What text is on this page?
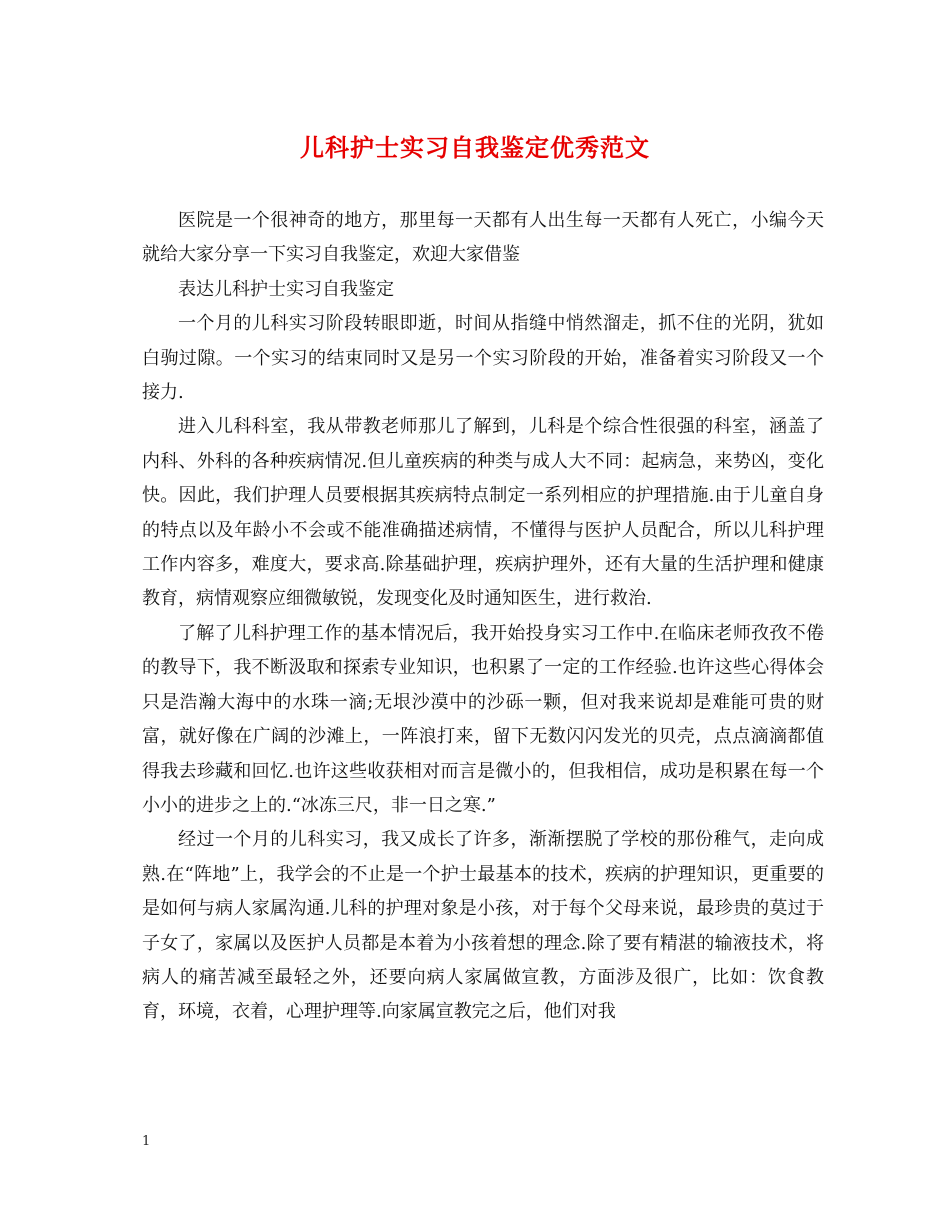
儿科护士实习自我鉴定优秀范文

医院是一个很神奇的地方，那里每一天都有人出生每一天都有人死亡，小编今天就给大家分享一下实习自我鉴定，欢迎大家借鉴

表达儿科护士实习自我鉴定

一个月的儿科实习阶段转眼即逝，时间从指缝中悄然溜走，抓不住的光阴，犹如白驹过隙。一个实习的结束同时又是另一个实习阶段的开始，准备着实习阶段又一个接力.

进入儿科科室，我从带教老师那儿了解到，儿科是个综合性很强的科室，涵盖了内科、外科的各种疾病情况.但儿童疾病的种类与成人大不同：起病急，来势凶，变化快。因此，我们护理人员要根据其疾病特点制定一系列相应的护理措施.由于儿童自身的特点以及年龄小不会或不能准确描述病情，不懂得与医护人员配合，所以儿科护理工作内容多，难度大，要求高.除基础护理，疾病护理外，还有大量的生活护理和健康教育，病情观察应细微敏锐，发现变化及时通知医生，进行救治.

了解了儿科护理工作的基本情况后，我开始投身实习工作中.在临床老师孜孜不倦的教导下，我不断汲取和探索专业知识，也积累了一定的工作经验.也许这些心得体会只是浩瀚大海中的水珠一滴;无垠沙漠中的沙砾一颗，但对我来说却是难能可贵的财富，就好像在广阔的沙滩上，一阵浪打来，留下无数闪闪发光的贝壳，点点滴滴都值得我去珍藏和回忆.也许这些收获相对而言是微小的，但我相信，成功是积累在每一个小小的进步之上的.“冰冻三尺，非一日之寒.”

经过一个月的儿科实习，我又成长了许多，渐渐摆脱了学校的那份稚气，走向成熟.在“阵地”上，我学会的不止是一个护士最基本的技术，疾病的护理知识，更重要的是如何与病人家属沟通.儿科的护理对象是小孩，对于每个父母来说，最珍贵的莫过于子女了，家属以及医护人员都是本着为小孩着想的理念.除了要有精湛的输液技术，将病人的痛苦减至最轻之外，还要向病人家属做宣教，方面涉及很广，比如：饮食教育，环境，衣着，心理护理等.向家属宣教完之后，他们对我

1
